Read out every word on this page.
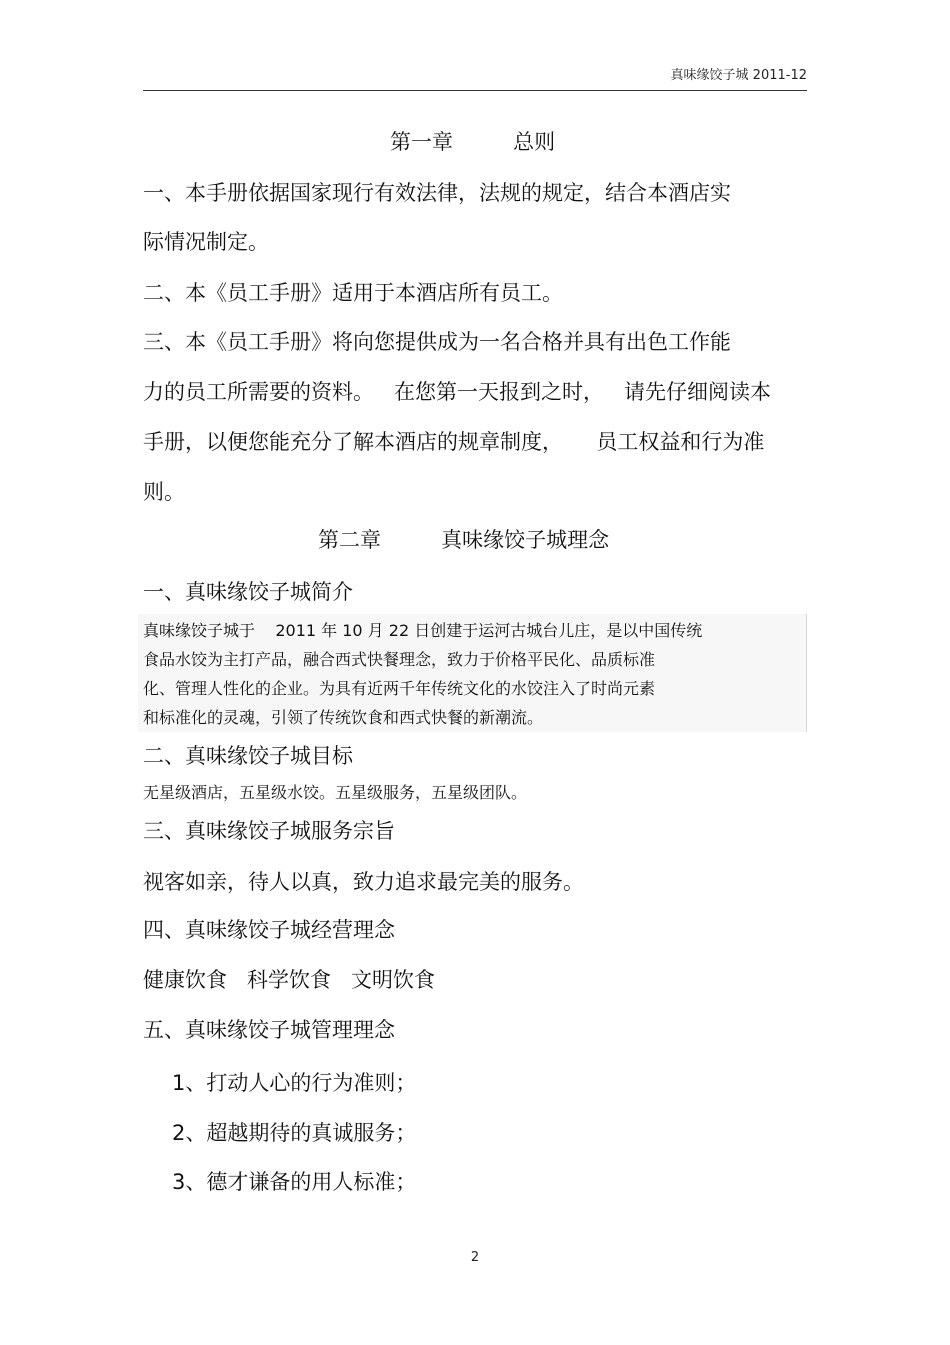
真味缘饺子城 2011-12
第一章         总则
一、本手册依据国家现行有效法律，法规的规定，结合本酒店实
际情况制定。
二、本《员工手册》适用于本酒店所有员工。
三、本《员工手册》将向您提供成为一名合格并具有出色工作能
力的员工所需要的资料。   在您第一天报到之时，   请先仔细阅读本
手册，以便您能充分了解本酒店的规章制度，     员工权益和行为准
则。
第二章         真味缘饺子城理念
一、真味缘饺子城简介
真味缘饺子城于    2011 年 10 月 22 日创建于运河古城台儿庄，是以中国传统
食品水饺为主打产品，融合西式快餐理念，致力于价格平民化、品质标准
化、管理人性化的企业。为具有近两千年传统文化的水饺注入了时尚元素
和标准化的灵魂，引领了传统饮食和西式快餐的新潮流。
二、真味缘饺子城目标
无星级酒店，五星级水饺。五星级服务，五星级团队。
三、真味缘饺子城服务宗旨
视客如亲，待人以真，致力追求最完美的服务。
四、真味缘饺子城经营理念
健康饮食   科学饮食   文明饮食
五、真味缘饺子城管理理念
1、打动人心的行为准则；
2、超越期待的真诚服务；
3、德才谦备的用人标准；
2
